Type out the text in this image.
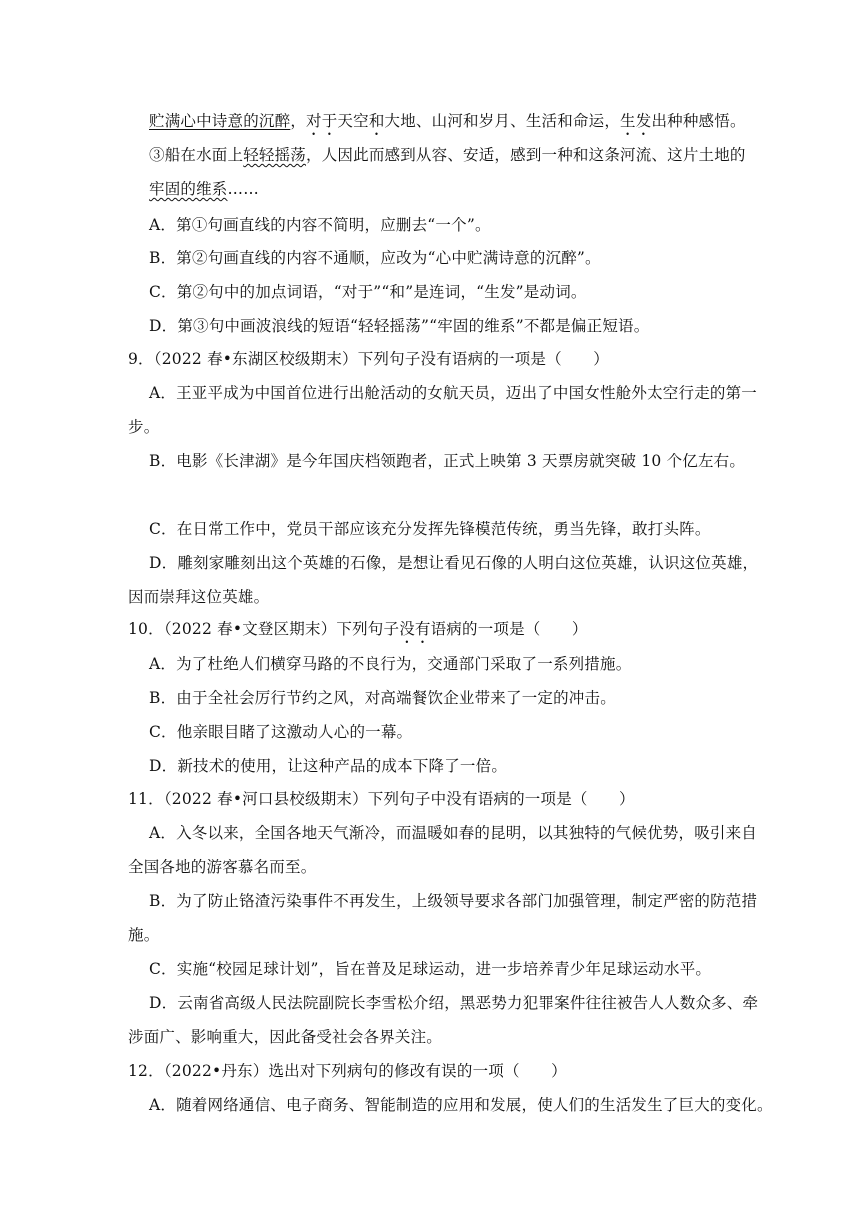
贮满心中诗意的沉醉，对于天空和大地、山河和岁月、生活和命运，生发出种种感悟。
③船在水面上轻轻摇荡，人因此而感到从容、安适，感到一种和这条河流、这片土地的
牢固的维系……
A．第①句画直线的内容不简明，应删去“一个”。
B．第②句画直线的内容不通顺，应改为“心中贮满诗意的沉醉”。
C．第②句中的加点词语，“对于”“和”是连词，“生发”是动词。
D．第③句中画波浪线的短语“轻轻摇荡”“牢固的维系”不都是偏正短语。
9．（2022 春•东湖区校级期末）下列句子没有语病的一项是（　　）
A．王亚平成为中国首位进行出舱活动的女航天员，迈出了中国女性舱外太空行走的第一
步。
B．电影《长津湖》是今年国庆档领跑者，正式上映第 3 天票房就突破 10 个亿左右。
C．在日常工作中，党员干部应该充分发挥先锋模范传统，勇当先锋，敢打头阵。
D．雕刻家雕刻出这个英雄的石像，是想让看见石像的人明白这位英雄，认识这位英雄，
因而崇拜这位英雄。
10．（2022 春•文登区期末）下列句子没有语病的一项是（　　）
A．为了杜绝人们横穿马路的不良行为，交通部门采取了一系列措施。
B．由于全社会厉行节约之风，对高端餐饮企业带来了一定的冲击。
C．他亲眼目睹了这激动人心的一幕。
D．新技术的使用，让这种产品的成本下降了一倍。
11．（2022 春•河口县校级期末）下列句子中没有语病的一项是（　　）
A．入冬以来，全国各地天气渐冷，而温暖如春的昆明，以其独特的气候优势，吸引来自
全国各地的游客慕名而至。
B．为了防止铬渣污染事件不再发生，上级领导要求各部门加强管理，制定严密的防范措
施。
C．实施“校园足球计划”，旨在普及足球运动，进一步培养青少年足球运动水平。
D．云南省高级人民法院副院长李雪松介绍，黑恶势力犯罪案件往往被告人人数众多、牵
涉面广、影响重大，因此备受社会各界关注。
12．（2022•丹东）选出对下列病句的修改有误的一项（　　）
A．随着网络通信、电子商务、智能制造的应用和发展，使人们的生活发生了巨大的变化。
